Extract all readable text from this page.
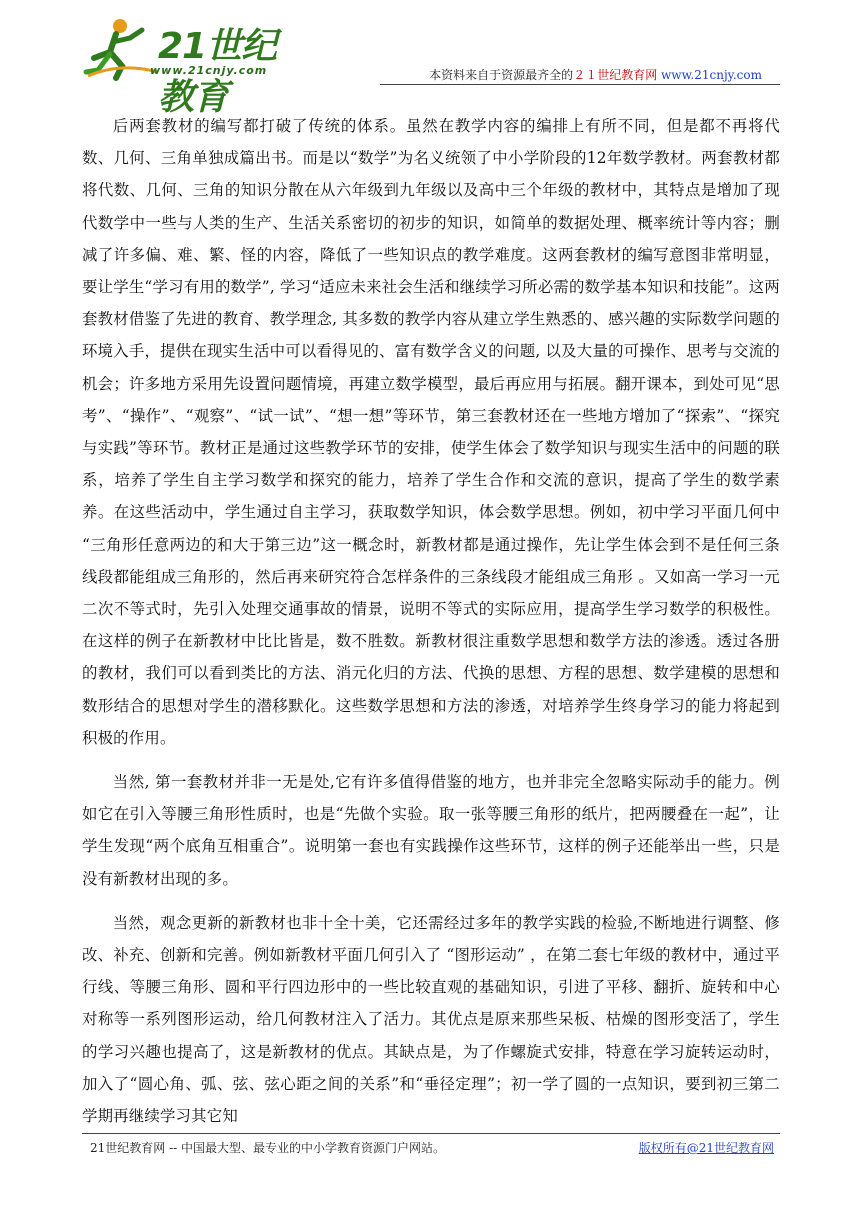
21世纪教育
www.21cnjy.com	本资料来自于资源最齐全的２１世纪教育网 www.21cnjy.com

后两套教材的编写都打破了传统的体系。虽然在教学内容的编排上有所不同，但是都不再将代数、几何、三角单独成篇出书。而是以“数学”为名义统领了中小学阶段的12年数学教材。两套教材都将代数、几何、三角的知识分散在从六年级到九年级以及高中三个年级的教材中，其特点是增加了现代数学中一些与人类的生产、生活关系密切的初步的知识，如简单的数据处理、概率统计等内容；删减了许多偏、难、繁、怪的内容，降低了一些知识点的教学难度。这两套教材的编写意图非常明显，要让学生“学习有用的数学”, 学习“适应未来社会生活和继续学习所必需的数学基本知识和技能”。这两套教材借鉴了先进的教育、教学理念, 其多数的教学内容从建立学生熟悉的、感兴趣的实际数学问题的环境入手，提供在现实生活中可以看得见的、富有数学含义的问题, 以及大量的可操作、思考与交流的机会；许多地方采用先设置问题情境，再建立数学模型，最后再应用与拓展。翻开课本，到处可见“思考”、“操作”、“观察”、“试一试”、“想一想”等环节，第三套教材还在一些地方增加了“探索”、“探究与实践”等环节。教材正是通过这些教学环节的安排，使学生体会了数学知识与现实生活中的问题的联系，培养了学生自主学习数学和探究的能力，培养了学生合作和交流的意识，提高了学生的数学素养。在这些活动中，学生通过自主学习，获取数学知识，体会数学思想。例如，初中学习平面几何中 “三角形任意两边的和大于第三边”这一概念时，新教材都是通过操作，先让学生体会到不是任何三条线段都能组成三角形的，然后再来研究符合怎样条件的三条线段才能组成三角形 。又如高一学习一元二次不等式时，先引入处理交通事故的情景，说明不等式的实际应用，提高学生学习数学的积极性。在这样的例子在新教材中比比皆是，数不胜数。新教材很注重数学思想和数学方法的渗透。透过各册的教材，我们可以看到类比的方法、消元化归的方法、代换的思想、方程的思想、数学建模的思想和数形结合的思想对学生的潜移默化。这些数学思想和方法的渗透，对培养学生终身学习的能力将起到积极的作用。

当然, 第一套教材并非一无是处,它有许多值得借鉴的地方，也并非完全忽略实际动手的能力。例如它在引入等腰三角形性质时，也是“先做个实验。取一张等腰三角形的纸片，把两腰叠在一起”，让学生发现“两个底角互相重合”。说明第一套也有实践操作这些环节，这样的例子还能举出一些，只是没有新教材出现的多。

当然，观念更新的新教材也非十全十美，它还需经过多年的教学实践的检验,不断地进行调整、修改、补充、创新和完善。例如新教材平面几何引入了 “图形运动” ，在第二套七年级的教材中，通过平行线、等腰三角形、圆和平行四边形中的一些比较直观的基础知识，引进了平移、翻折、旋转和中心对称等一系列图形运动，给几何教材注入了活力。其优点是原来那些呆板、枯燥的图形变活了，学生的学习兴趣也提高了，这是新教材的优点。其缺点是，为了作螺旋式安排，特意在学习旋转运动时，加入了“圆心角、弧、弦、弦心距之间的关系”和“垂径定理”；初一学了圆的一点知识，要到初三第二学期再继续学习其它知

21世纪教育网 -- 中国最大型、最专业的中小学教育资源门户网站。	版权所有@21世纪教育网
